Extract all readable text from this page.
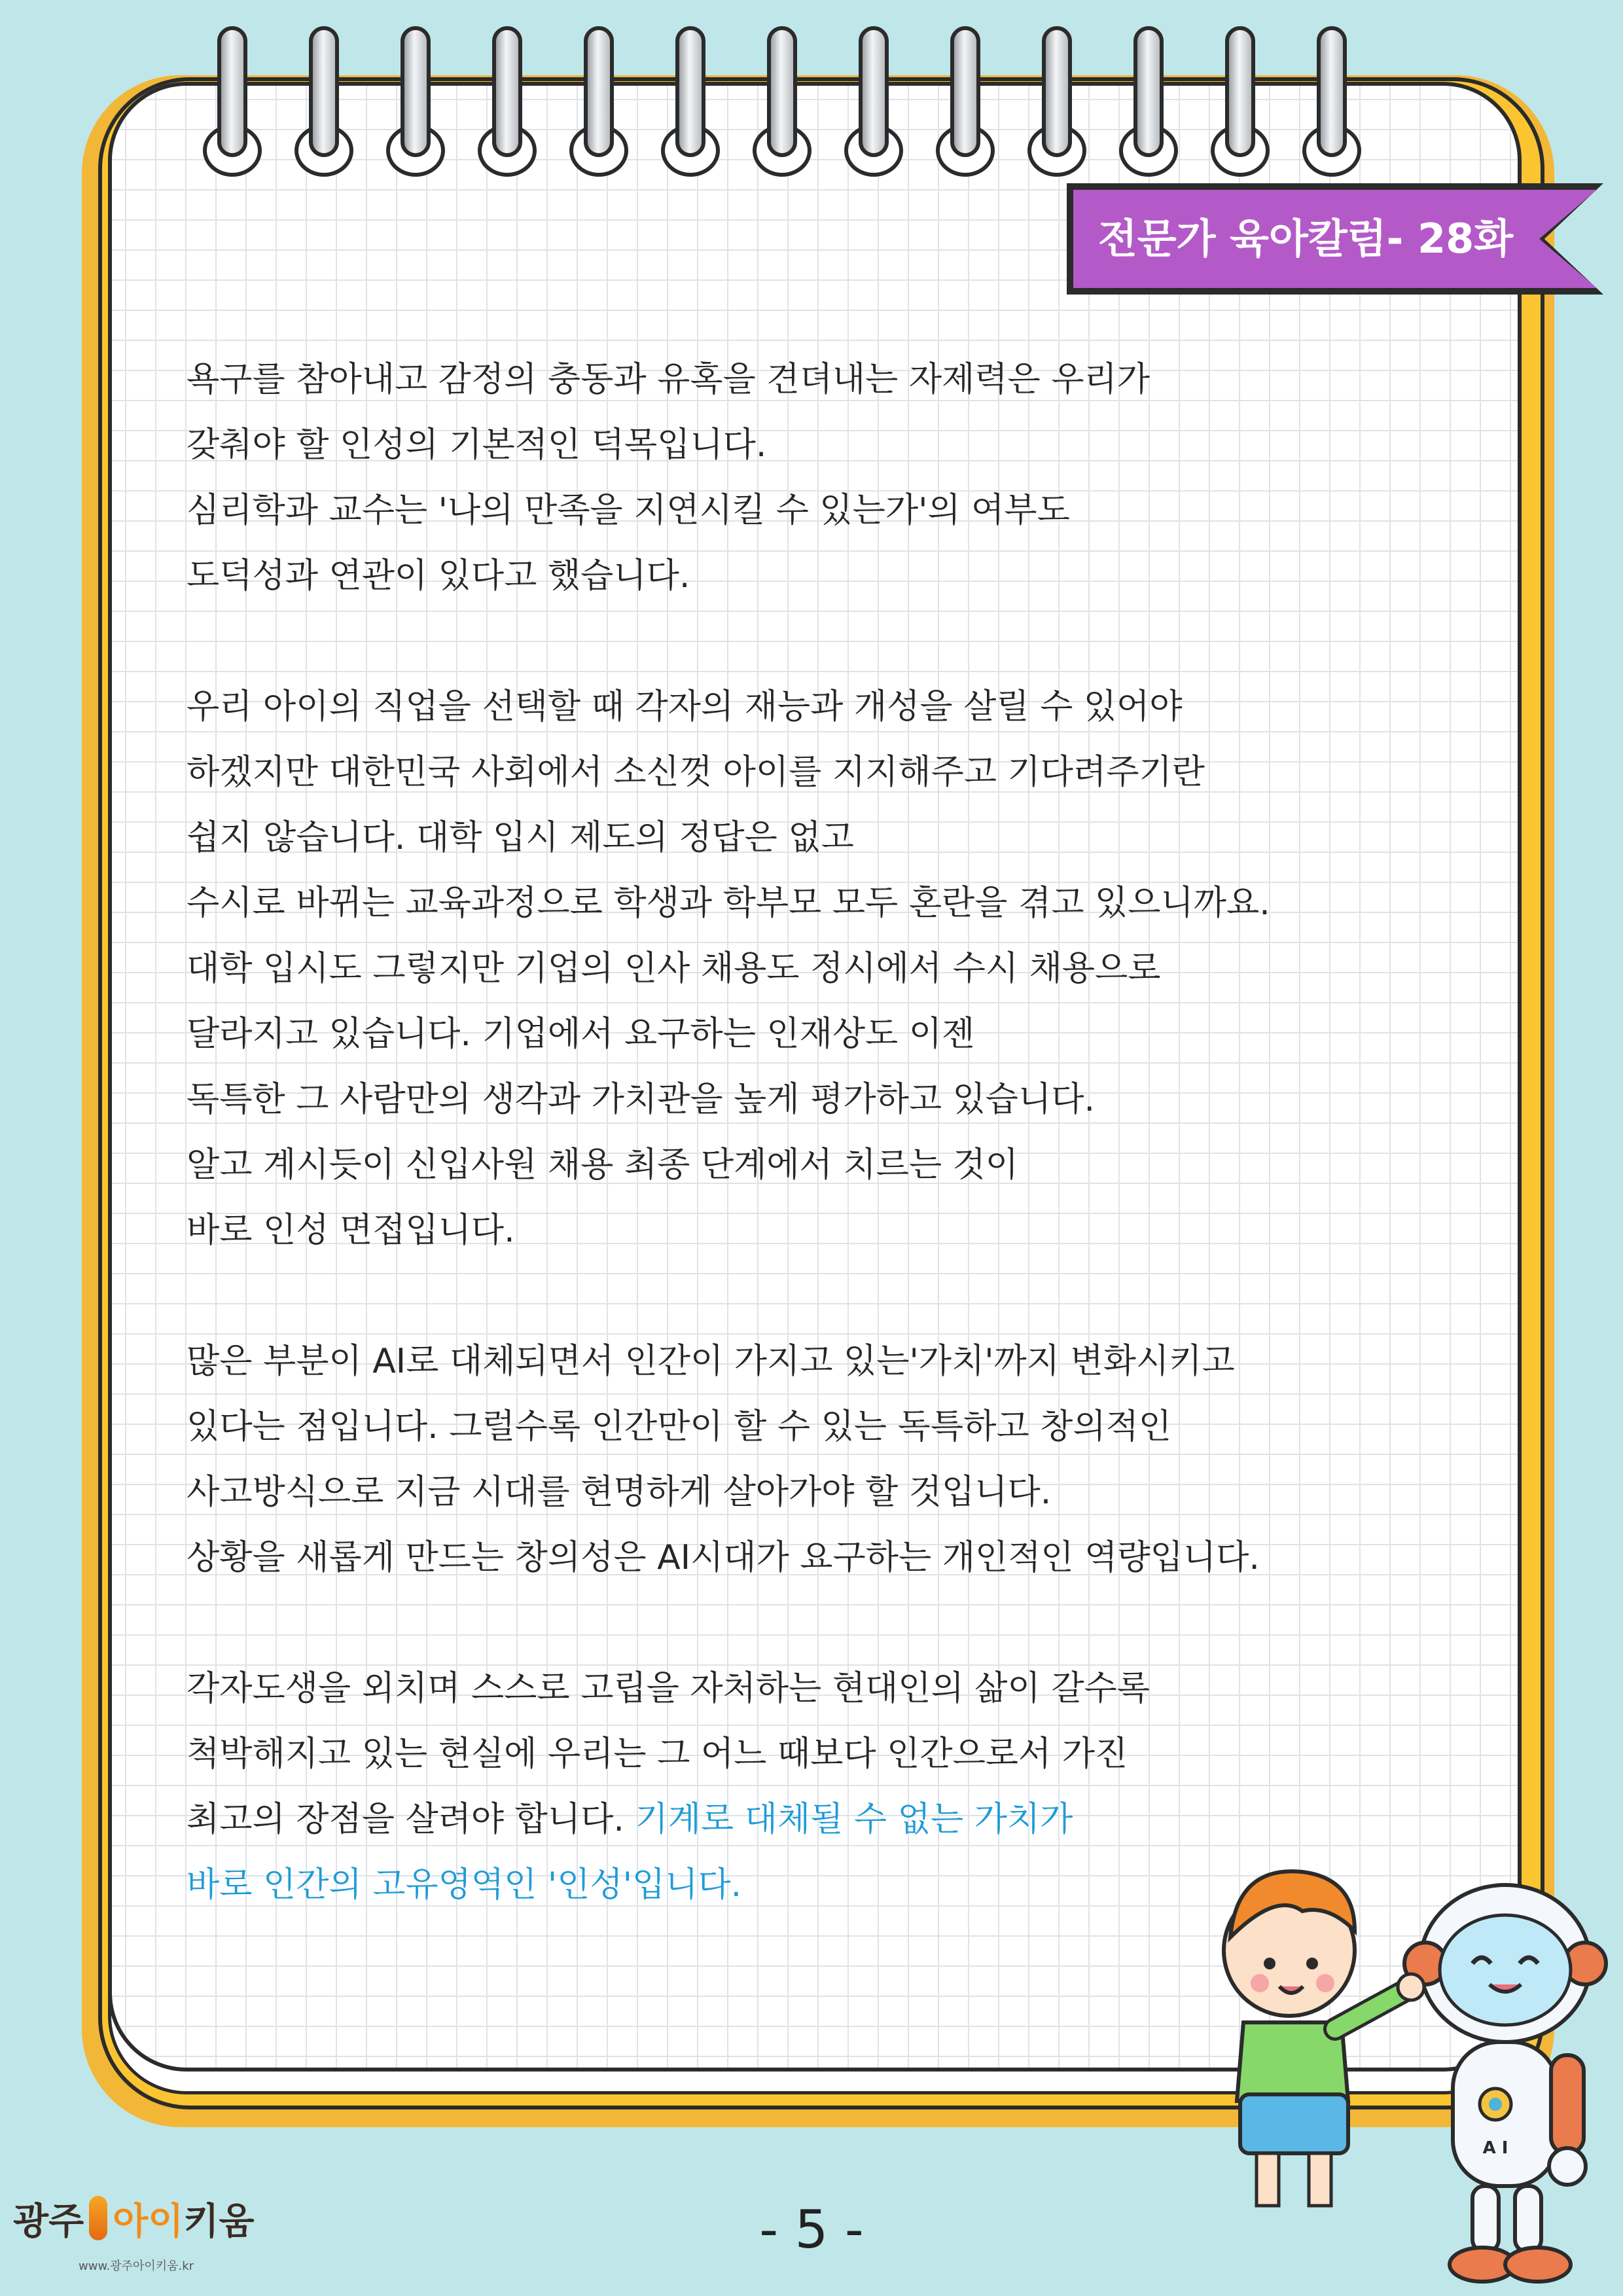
전문가 육아칼럼- 28화
욕구를 참아내고 감정의 충동과 유혹을 견뎌내는 자제력은 우리가
갖춰야 할 인성의 기본적인 덕목입니다.
심리학과 교수는 '나의 만족을 지연시킬 수 있는가'의 여부도
도덕성과 연관이 있다고 했습니다.
우리 아이의 직업을 선택할 때 각자의 재능과 개성을 살릴 수 있어야
하겠지만 대한민국 사회에서 소신껏 아이를 지지해주고 기다려주기란
쉽지 않습니다. 대학 입시 제도의 정답은 없고
수시로 바뀌는 교육과정으로 학생과 학부모 모두 혼란을 겪고 있으니까요.
대학 입시도 그렇지만 기업의 인사 채용도 정시에서 수시 채용으로
달라지고 있습니다. 기업에서 요구하는 인재상도 이젠
독특한 그 사람만의 생각과 가치관을 높게 평가하고 있습니다.
알고 계시듯이 신입사원 채용 최종 단계에서 치르는 것이
바로 인성 면접입니다.
많은 부분이 AI로 대체되면서 인간이 가지고 있는'가치'까지 변화시키고
있다는 점입니다. 그럴수록 인간만이 할 수 있는 독특하고 창의적인
사고방식으로 지금 시대를 현명하게 살아가야 할 것입니다.
상황을 새롭게 만드는 창의성은 AI시대가 요구하는 개인적인 역량입니다.
각자도생을 외치며 스스로 고립을 자처하는 현대인의 삶이 갈수록
척박해지고 있는 현실에 우리는 그 어느 때보다 인간으로서 가진
최고의 장점을 살려야 합니다. 기계로 대체될 수 없는 가치가
바로 인간의 고유영역인 '인성'입니다.
A I
광주 아이키움
www.광주아이키움.kr
- 5 -
